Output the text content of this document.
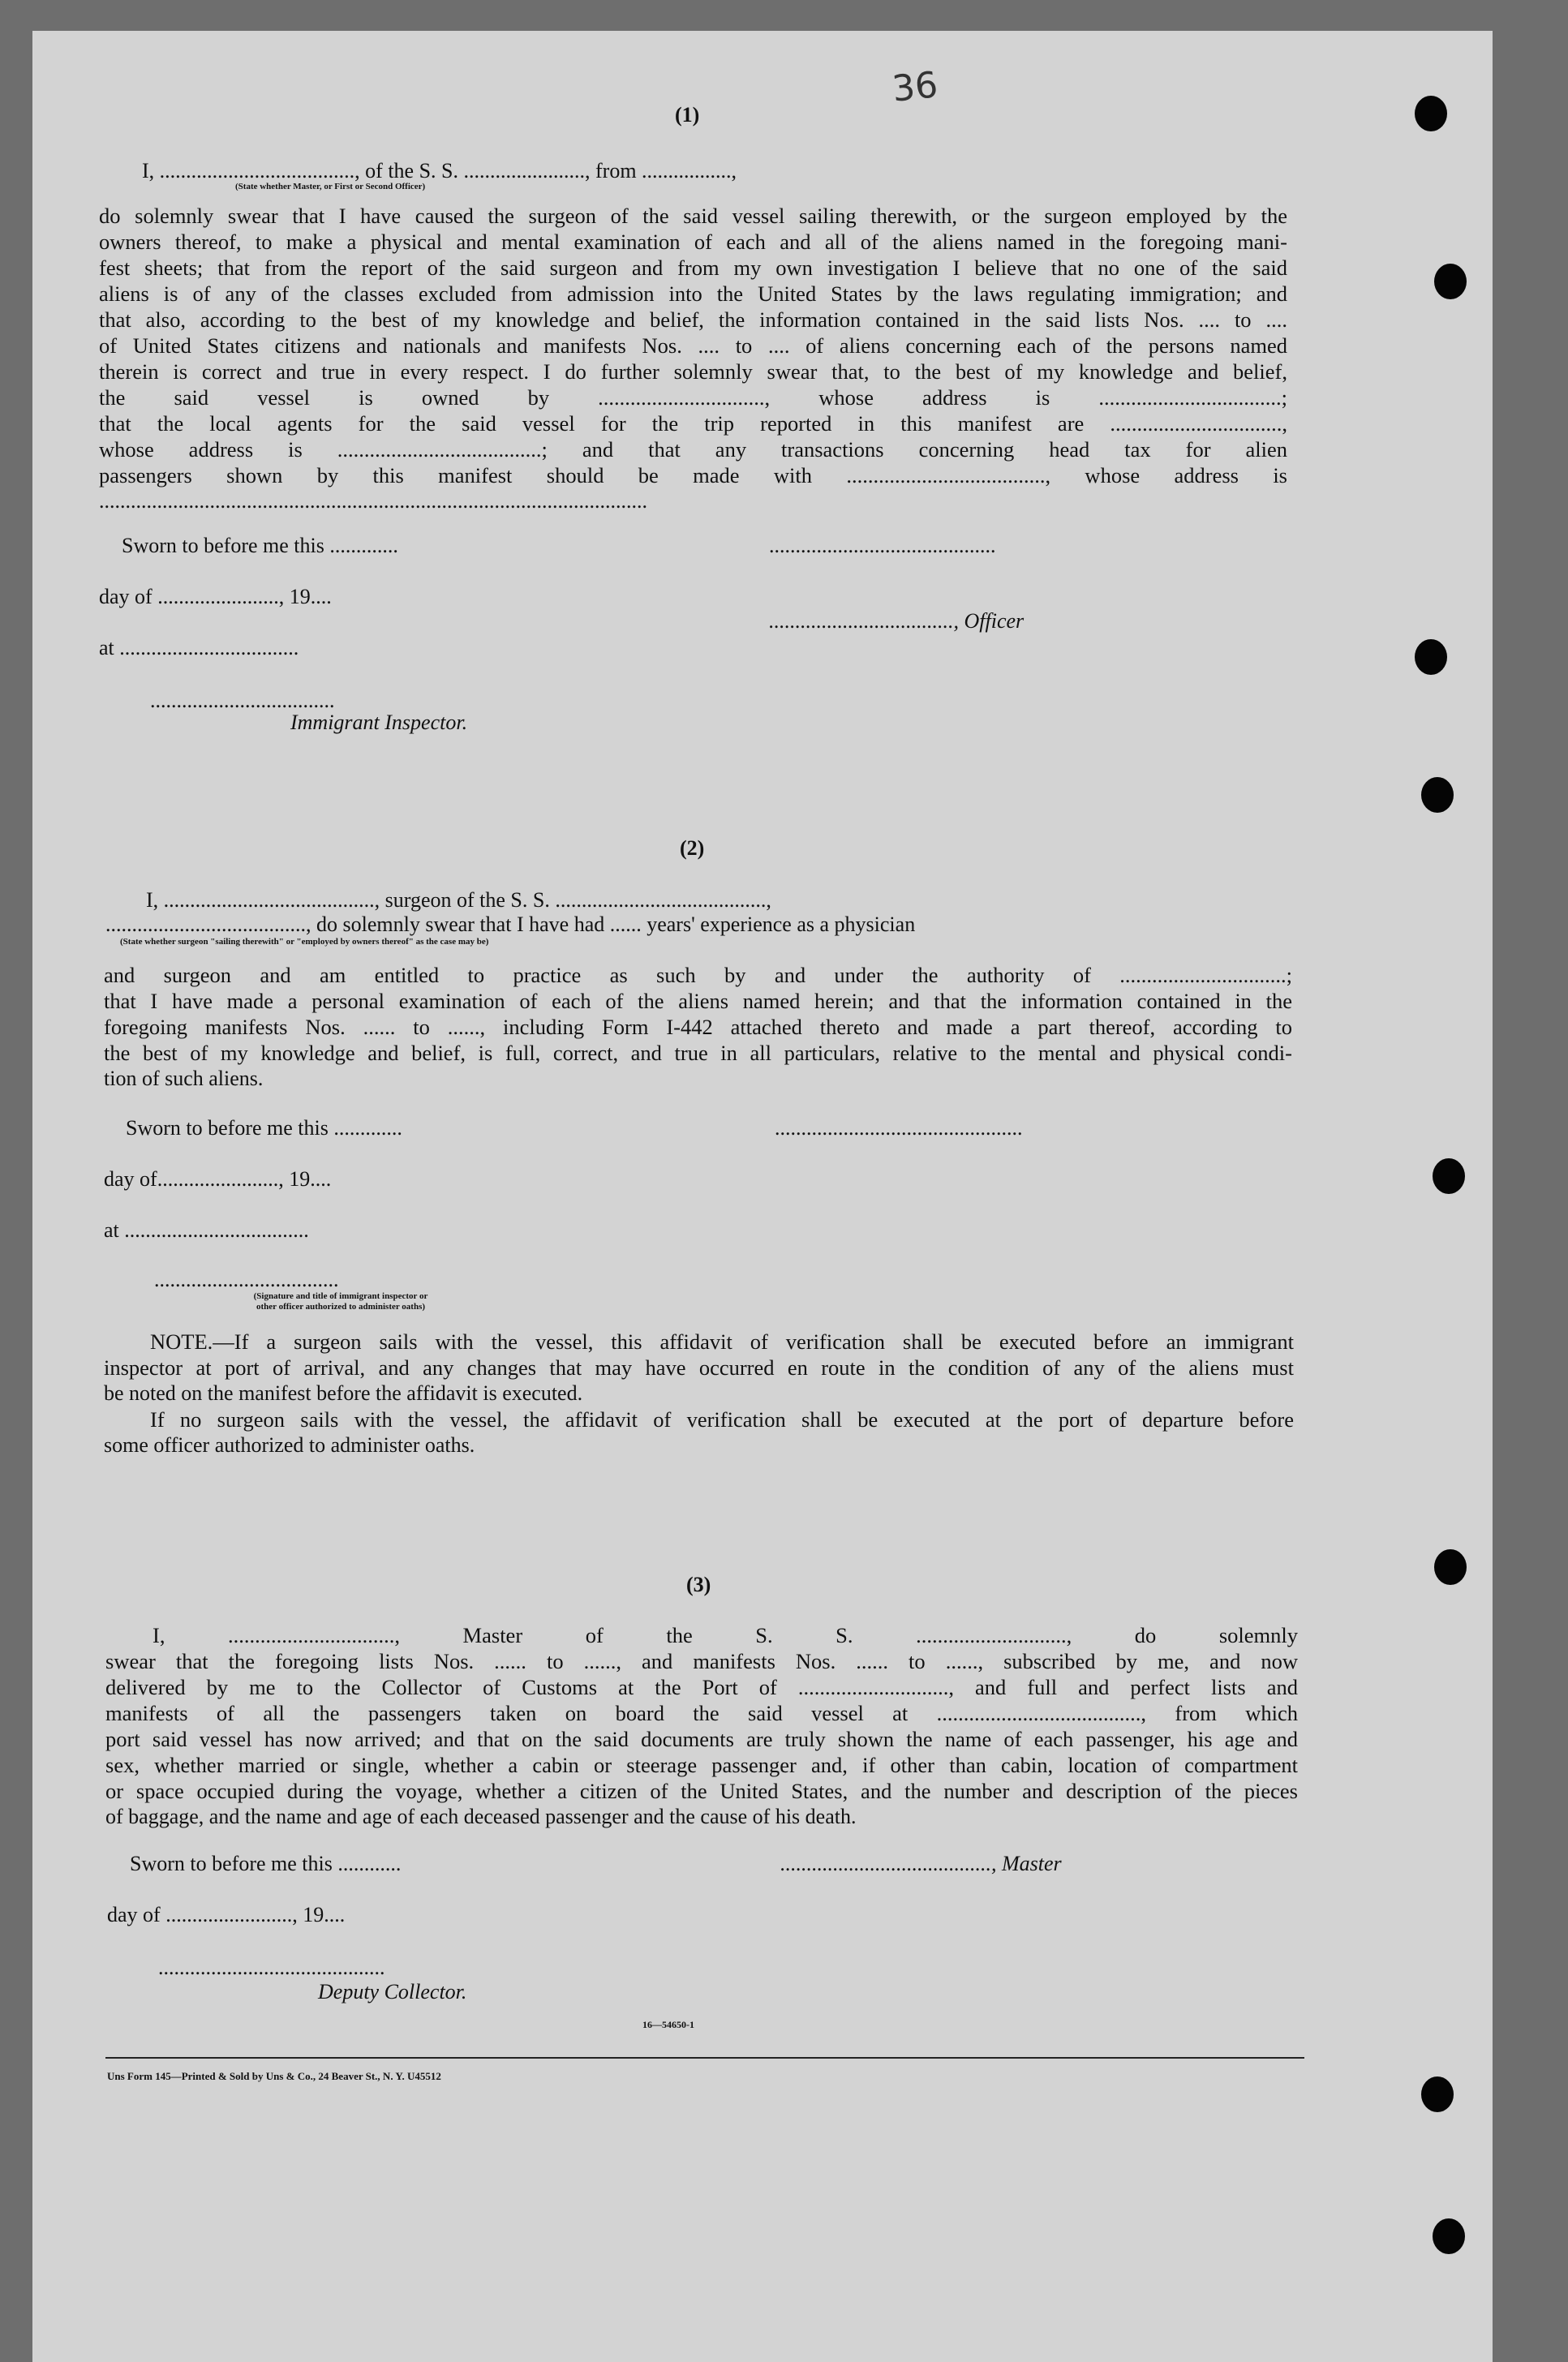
36
(1)
I, ....................................., of the S. S. ......................., from .................,
(State whether Master, or First or Second Officer)
do solemnly swear that I have caused the surgeon of the said vessel sailing therewith, or the surgeon employed by the
owners thereof, to make a physical and mental examination of each and all of the aliens named in the foregoing mani-
fest sheets; that from the report of the said surgeon and from my own investigation I believe that no one of the said
aliens is of any of the classes excluded from admission into the United States by the laws regulating immigration; and
that also, according to the best of my knowledge and belief, the information contained in the said lists Nos. .... to ....
of United States citizens and nationals and manifests Nos. .... to .... of aliens concerning each of the persons named
therein is correct and true in every respect. I do further solemnly swear that, to the best of my knowledge and belief,
the said vessel is owned by ..............................., whose address is ..................................;
that the local agents for the said vessel for the trip reported in this manifest are ................................,
whose address is ......................................; and that any transactions concerning head tax for alien
passengers shown by this manifest should be made with ....................................., whose address is
........................................................................................................
Sworn to before me this .............	...........................................
day of ......................., 19....
..................................., Officer
at ..................................
...................................
Immigrant Inspector.
(2)
I, ........................................, surgeon of the S. S. ........................................,
......................................, do solemnly swear that I have had ...... years' experience as a physician
(State whether surgeon "sailing therewith" or "employed by owners thereof" as the case may be)
and surgeon and am entitled to practice as such by and under the authority of ...............................;
that I have made a personal examination of each of the aliens named herein; and that the information contained in the
foregoing manifests Nos. ...... to ......, including Form I-442 attached thereto and made a part thereof, according to
the best of my knowledge and belief, is full, correct, and true in all particulars, relative to the mental and physical condi-
tion of such aliens.
Sworn to before me this .............	...............................................
day of......................., 19....
at ...................................
...................................
(Signature and title of immigrant inspector or
other officer authorized to administer oaths)
NOTE.—If a surgeon sails with the vessel, this affidavit of verification shall be executed before an immigrant
inspector at port of arrival, and any changes that may have occurred en route in the condition of any of the aliens must
be noted on the manifest before the affidavit is executed.
If no surgeon sails with the vessel, the affidavit of verification shall be executed at the port of departure before
some officer authorized to administer oaths.
(3)
I, ..............................., Master of the S. S. ............................, do solemnly
swear that the foregoing lists Nos. ...... to ......, and manifests Nos. ...... to ......, subscribed by me, and now
delivered by me to the Collector of Customs at the Port of ............................, and full and perfect lists and
manifests of all the passengers taken on board the said vessel at ......................................, from which
port said vessel has now arrived; and that on the said documents are truly shown the name of each passenger, his age and
sex, whether married or single, whether a cabin or steerage passenger and, if other than cabin, location of compartment
or space occupied during the voyage, whether a citizen of the United States, and the number and description of the pieces
of baggage, and the name and age of each deceased passenger and the cause of his death.
Sworn to before me this ............	........................................, Master
day of ........................, 19....
...........................................
Deputy Collector.
16—54650-1
Uns Form 145—Printed & Sold by Uns & Co., 24 Beaver St., N. Y. U45512
